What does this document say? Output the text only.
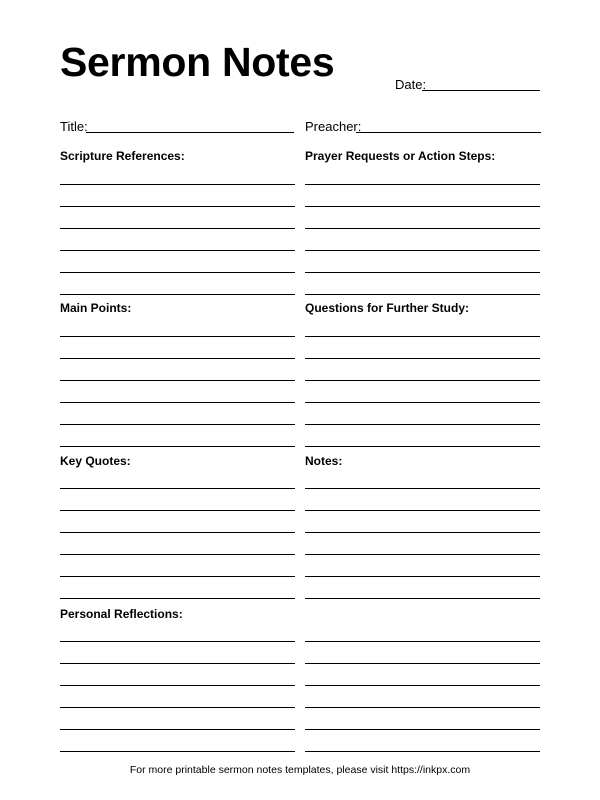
Sermon Notes	Date:
Title:	Preacher:
Scripture References:	Prayer Requests or Action Steps:
Main Points:	Questions for Further Study:
Key Quotes:	Notes:
Personal Reflections:
For more printable sermon notes templates, please visit https://inkpx.com
